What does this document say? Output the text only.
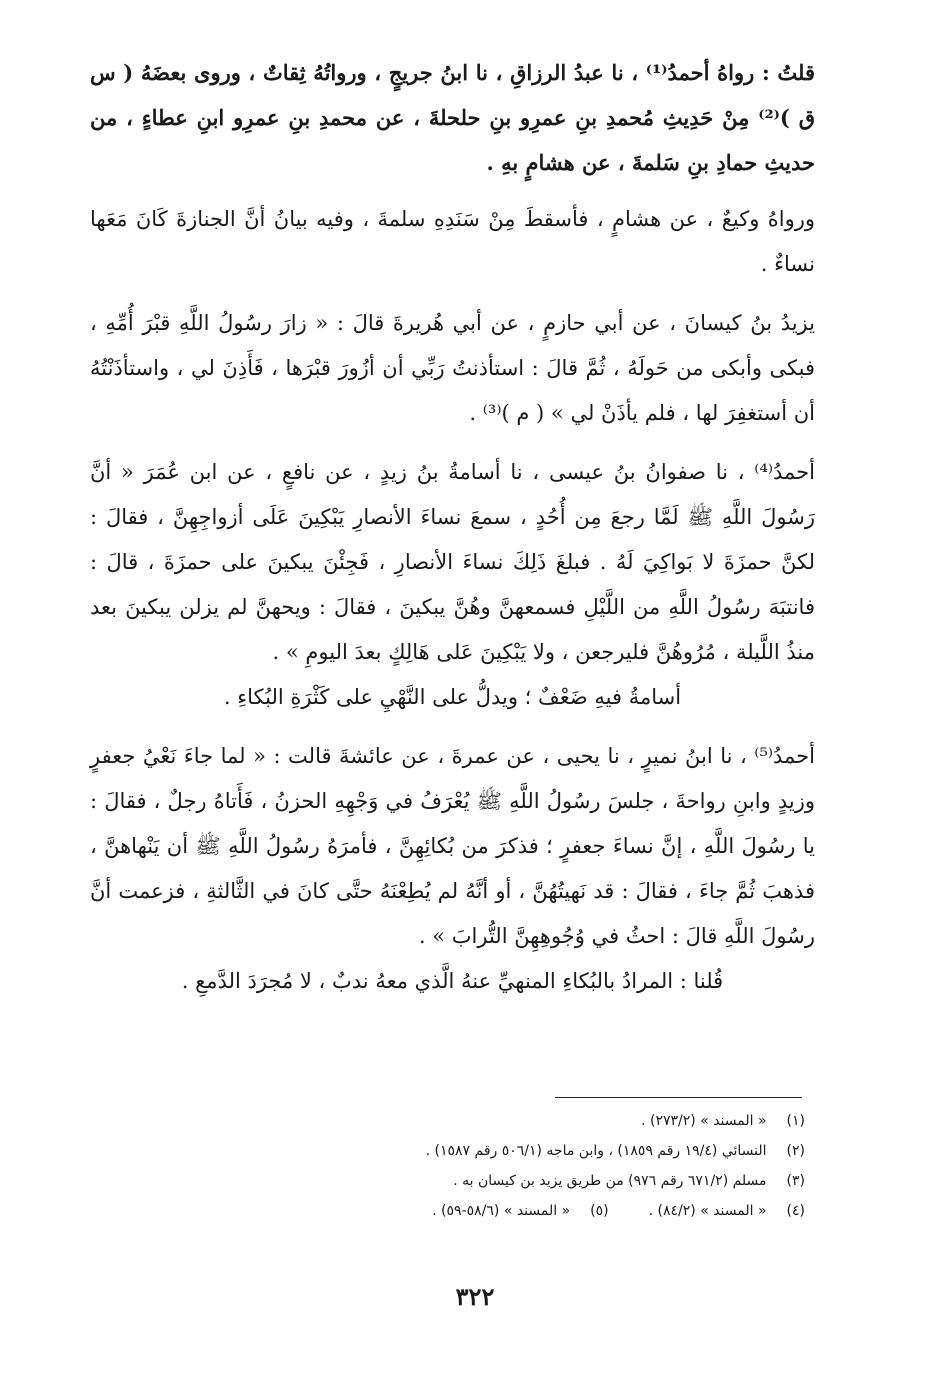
قلتُ : رواهُ أحمدُ⁽¹⁾ ، نا عبدُ الرزاقِ ، نا ابنُ جريجٍ ، ورواتُهُ ثِقاتٌ ، وروى بعضَهُ ( س ق )⁽²⁾ مِنْ حَدِيثِ مُحمدِ بنِ عمرِو بنِ حلحلةَ ، عن محمدِ بنِ عمرِو ابنِ عطاءٍ ، من حديثِ حمادِ بنِ سَلمةَ ، عن هشامٍ بهِ .

ورواهُ وكيعٌ ، عن هشامٍ ، فأسقطَ مِنْ سَنَدِهِ سلمةَ ، وفيه بيانُ أنَّ الجنازةَ كَانَ مَعَها نساءٌ .

يزيدُ بنُ كيسانَ ، عن أبي حازمٍ ، عن أبي هُريرةَ قالَ : « زارَ رسُولُ اللَّهِ قبْرَ أُمِّهِ ، فبكى وأبكى من حَولَهُ ، ثُمَّ قالَ : استأذنتُ رَبِّي أن أزُورَ قبْرَها ، فَأَذِنَ لي ، واستأذَنْتُهُ أن أستغفِرَ لها ، فلم يأذَنْ لي » ( م )⁽³⁾ .

أحمدُ⁽⁴⁾ ، نا صفوانُ بنُ عيسى ، نا أسامةُ بنُ زيدٍ ، عن نافعٍ ، عن ابن عُمَرَ « أنَّ رَسُولَ اللَّهِ ﷺ لَمَّا رجعَ مِن أُحُدٍ ، سمعَ نساءَ الأنصارِ يَبْكِينَ عَلَى أزواجِهِنَّ ، فقالَ : لكنَّ حمزَةَ لا بَواكِيَ لَهُ . فبلغَ ذَلِكَ نساءَ الأنصارِ ، فَجِئْنَ يبكينَ على حمزَةَ ، قالَ : فانتبَهَ رسُولُ اللَّهِ من اللَّيْلِ فسمعهنَّ وهُنَّ يبكينَ ، فقالَ : ويحهنَّ لم يزلن يبكينَ بعد منذُ اللَّيلة ، مُرُوهُنَّ فليرجعن ، ولا يَبْكِينَ عَلى هَالِكٍ بعدَ اليومِ » .

أسامةُ فيهِ ضَعْفٌ ؛ ويدلُّ على النَّهْيِ على كَثْرَةِ البُكاءِ .

أحمدُ⁽⁵⁾ ، نا ابنُ نميرٍ ، نا يحيى ، عن عمرةَ ، عن عائشةَ قالت : « لما جاءَ نَعْيُ جعفرٍ وزيدٍ وابنِ رواحةَ ، جلسَ رسُولُ اللَّهِ ﷺ يُعْرَفُ في وَجْهِهِ الحزنُ ، فَأَتاهُ رجلٌ ، فقالَ : يا رسُولَ اللَّهِ ، إنَّ نساءَ جعفرٍ ؛ فذكرَ من بُكائِهِنَّ ، فأمرَهُ رسُولُ اللَّهِ ﷺ أن يَنْهاهنَّ ، فذهبَ ثُمَّ جاءَ ، فقالَ : قد نَهيتُهُنَّ ، أو أنَّهُ لم يُطِعْنَهُ حتَّى كانَ في الثَّالثةِ ، فزعمت أنَّ رسُولَ اللَّهِ قالَ : احثُ في وُجُوهِهِنَّ التُّرابَ » .

قُلنا : المرادُ بالبُكاءِ المنهيِّ عنهُ الَّذي معهُ ندبٌ ، لا مُجرَدَ الدَّمعِ .

(١) « المسند » (٢٧٣/٢) .

(٢) النسائي (١٩/٤ رقم ١٨٥٩) ، وابن ماجه (٥٠٦/١ رقم ١٥٨٧) .

(٣) مسلم (٦٧١/٢ رقم ٩٧٦) من طريق يزيد بن كيسان به .

(٤) « المسند » (٨٤/٢) .
(٥) « المسند » (٥٨/٦-٥٩) .
٣٢٢
